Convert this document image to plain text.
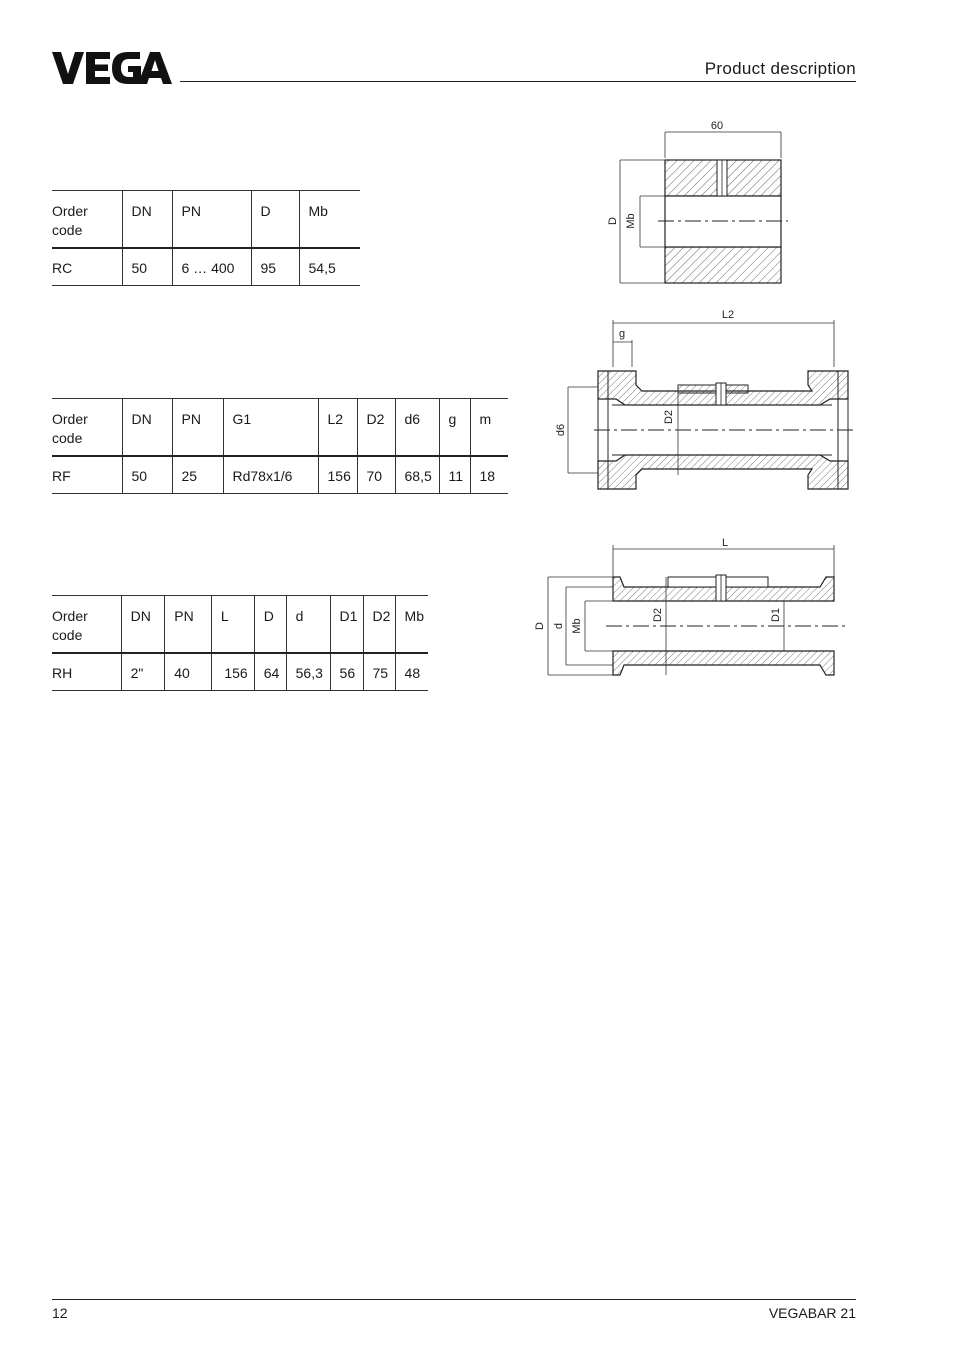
Product description
Order code	DN	PN	D	Mb
RC	50	6 … 400	95	54,5
Order code	DN	PN	G1	L2	D2	d6	g	m
RF	50	25	Rd78x1/6	156	70	68,5	11	18
Order code	DN	PN	L	D	d	D1	D2	Mb
RH	2"	40	156	64	56,3	56	75	48
60
D Mb
L2
g
d6
D2
L
D d Mb
D2	D1
12	VEGABAR 21
